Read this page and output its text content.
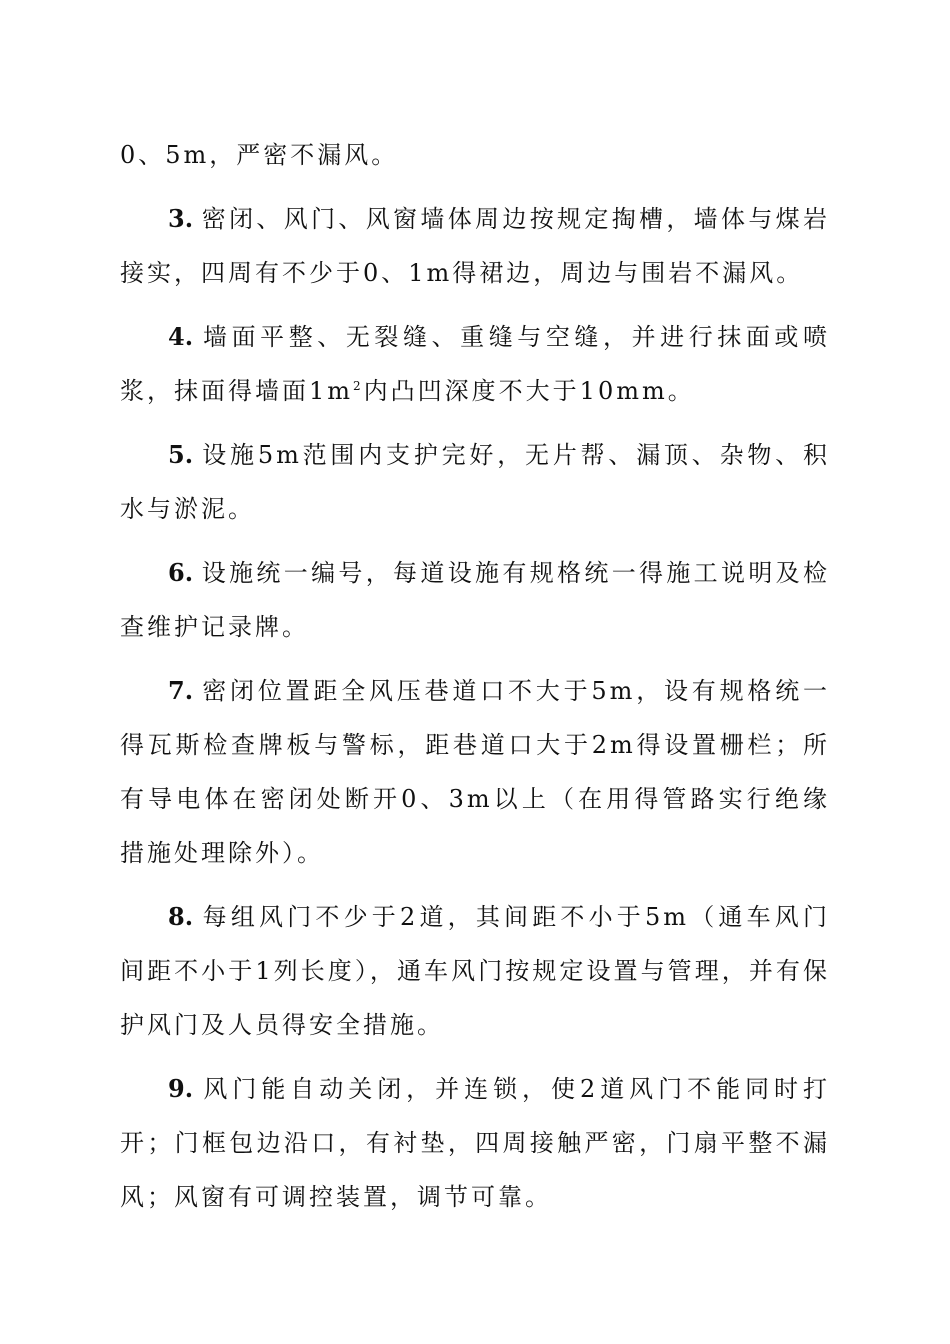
0、5m，严密不漏风。

3. 密闭、风门、风窗墙体周边按规定掏槽，墙体与煤岩接实，四周有不少于0、1m得裙边，周边与围岩不漏风。

4. 墙面平整、无裂缝、重缝与空缝，并进行抹面或喷浆，抹面得墙面$1m^2$内凸凹深度不大于10mm。

5. 设施5m范围内支护完好，无片帮、漏顶、杂物、积水与淤泥。

6. 设施统一编号，每道设施有规格统一得施工说明及检查维护记录牌。

7. 密闭位置距全风压巷道口不大于5m，设有规格统一得瓦斯检查牌板与警标，距巷道口大于2m得设置栅栏；所有导电体在密闭处断开0、3m以上（在用得管路实行绝缘措施处理除外）。

8. 每组风门不少于2道，其间距不小于5m（通车风门间距不小于1列长度），通车风门按规定设置与管理，并有保护风门及人员得安全措施。

9. 风门能自动关闭，并连锁，使2道风门不能同时打开；门框包边沿口，有衬垫，四周接触严密，门扇平整不漏风；风窗有可调控装置，调节可靠。
